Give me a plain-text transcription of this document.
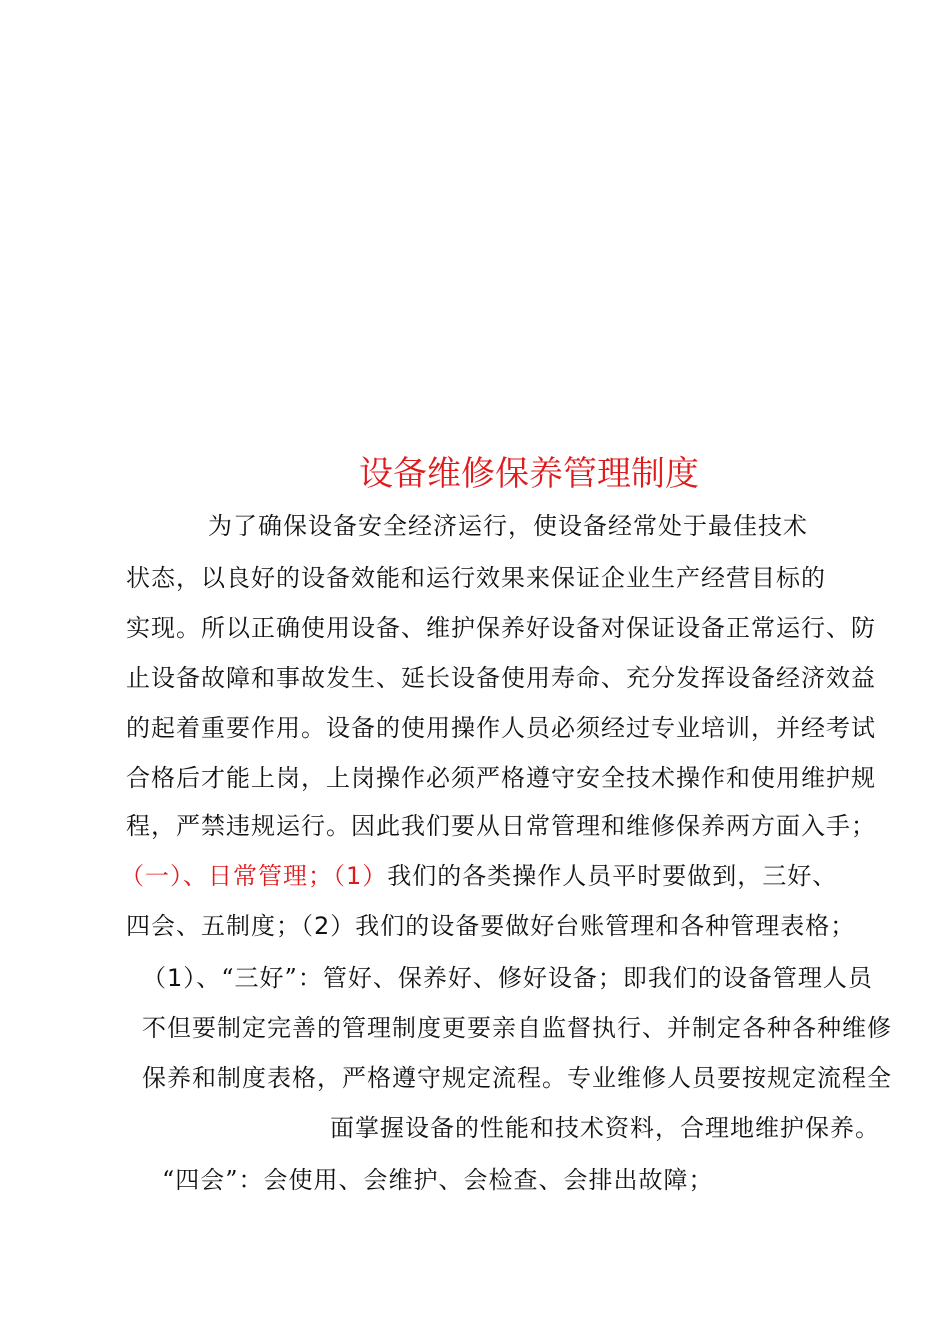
设备维修保养管理制度
为了确保设备安全经济运行，使设备经常处于最佳技术
状态，以良好的设备效能和运行效果来保证企业生产经营目标的
实现。所以正确使用设备、维护保养好设备对保证设备正常运行、防
止设备故障和事故发生、延长设备使用寿命、充分发挥设备经济效益
的起着重要作用。设备的使用操作人员必须经过专业培训，并经考试
合格后才能上岗，上岗操作必须严格遵守安全技术操作和使用维护规
程，严禁违规运行。因此我们要从日常管理和维修保养两方面入手；
（一）、日常管理；（1）我们的各类操作人员平时要做到，三好、
四会、五制度；（2）我们的设备要做好台账管理和各种管理表格；
（1）、“三好”：管好、保养好、修好设备；即我们的设备管理人员
不但要制定完善的管理制度更要亲自监督执行、并制定各种各种维修
保养和制度表格，严格遵守规定流程。专业维修人员要按规定流程全
面掌握设备的性能和技术资料，合理地维护保养。
“四会”：会使用、会维护、会检查、会排出故障；
